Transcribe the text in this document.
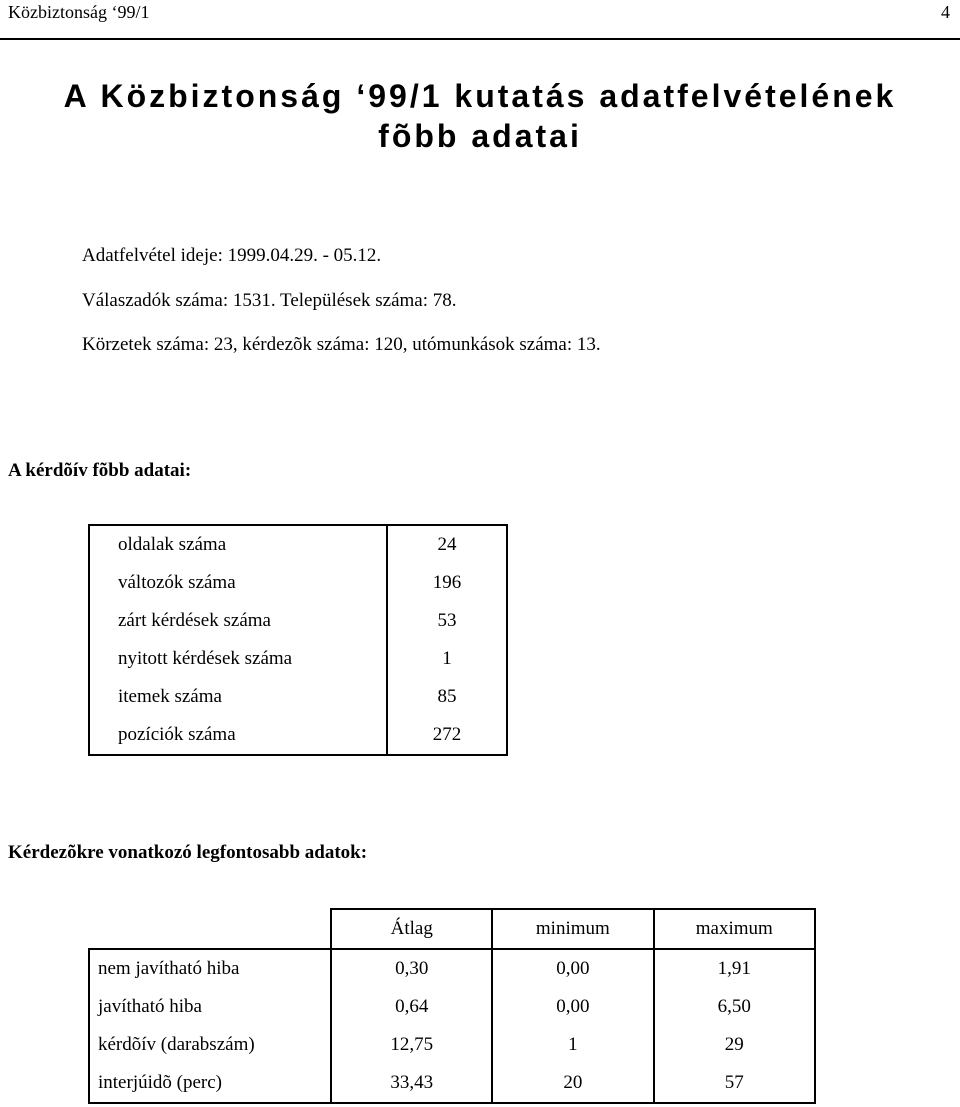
Közbiztonság ‘99/1	4
A Közbiztonság ‘99/1 kutatás adatfelvételének
fõbb adatai
Adatfelvétel ideje: 1999.04.29. - 05.12.
Válaszadók száma: 1531. Települések száma: 78.
Körzetek száma: 23, kérdezõk száma: 120, utómunkások száma: 13.
A kérdõív fõbb adatai:
oldalak száma	24
változók száma	196
zárt kérdések száma	53
nyitott kérdések száma	1
itemek száma	85
pozíciók száma	272
Kérdezõkre vonatkozó legfontosabb adatok:
	Átlag	minimum	maximum
nem javítható hiba	0,30	0,00	1,91
javítható hiba	0,64	0,00	6,50
kérdõív (darabszám)	12,75	1	29
interjúidõ (perc)	33,43	20	57
